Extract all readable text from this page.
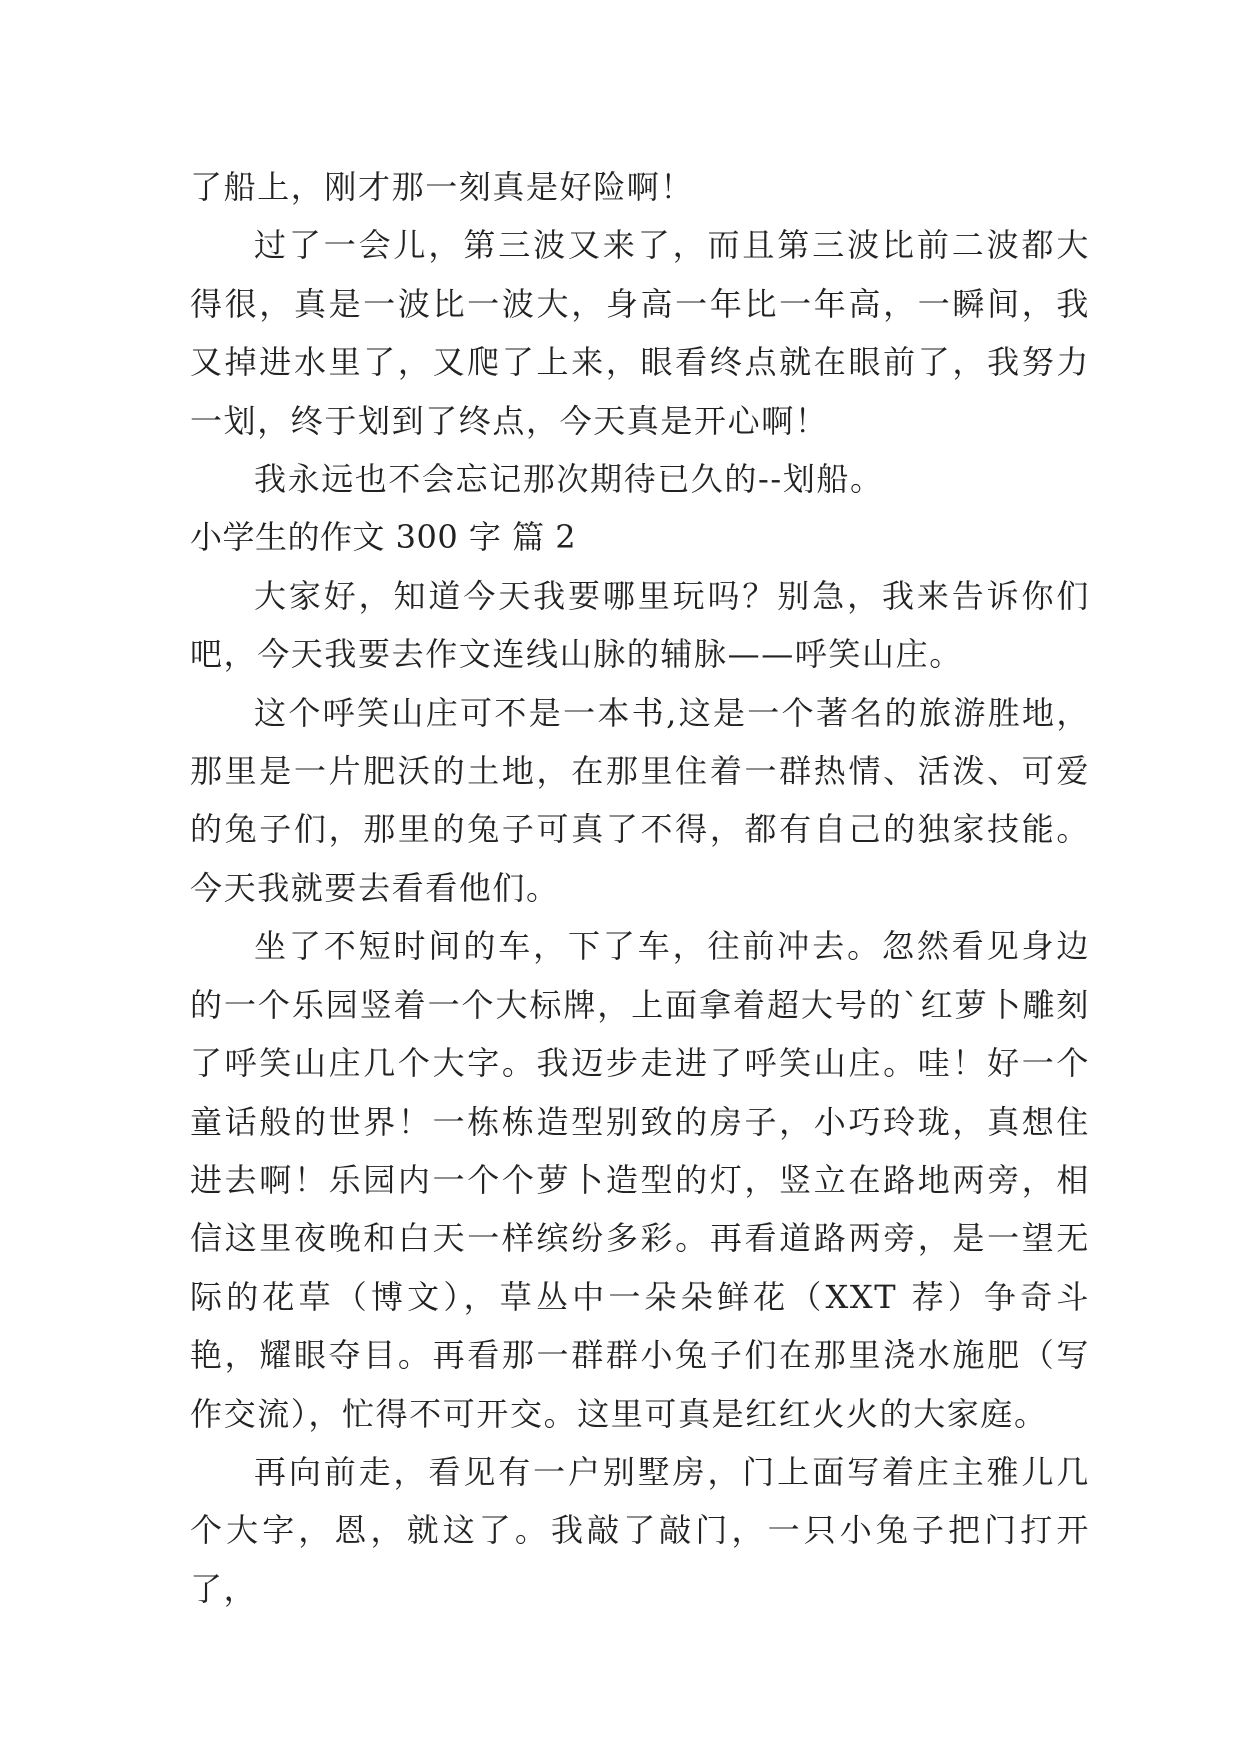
了船上，刚才那一刻真是好险啊！

过了一会儿，第三波又来了，而且第三波比前二波都大得很，真是一波比一波大，身高一年比一年高，一瞬间，我又掉进水里了，又爬了上来，眼看终点就在眼前了，我努力一划，终于划到了终点，今天真是开心啊！

我永远也不会忘记那次期待已久的--划船。

小学生的作文 300 字 篇 2

大家好，知道今天我要哪里玩吗？别急，我来告诉你们吧，今天我要去作文连线山脉的辅脉——呼笑山庄。

这个呼笑山庄可不是一本书,这是一个著名的旅游胜地，那里是一片肥沃的土地，在那里住着一群热情、活泼、可爱的兔子们，那里的兔子可真了不得，都有自己的独家技能。今天我就要去看看他们。

坐了不短时间的车，下了车，往前冲去。忽然看见身边的一个乐园竖着一个大标牌，上面拿着超大号的`红萝卜雕刻了呼笑山庄几个大字。我迈步走进了呼笑山庄。哇！好一个童话般的世界！一栋栋造型别致的房子，小巧玲珑，真想住进去啊！乐园内一个个萝卜造型的灯，竖立在路地两旁，相信这里夜晚和白天一样缤纷多彩。再看道路两旁，是一望无际的花草（博文），草丛中一朵朵鲜花（XXT 荐）争奇斗艳，耀眼夺目。再看那一群群小兔子们在那里浇水施肥（写作交流），忙得不可开交。这里可真是红红火火的大家庭。

再向前走，看见有一户别墅房，门上面写着庄主雅儿几个大字，恩，就这了。我敲了敲门，一只小兔子把门打开了，
